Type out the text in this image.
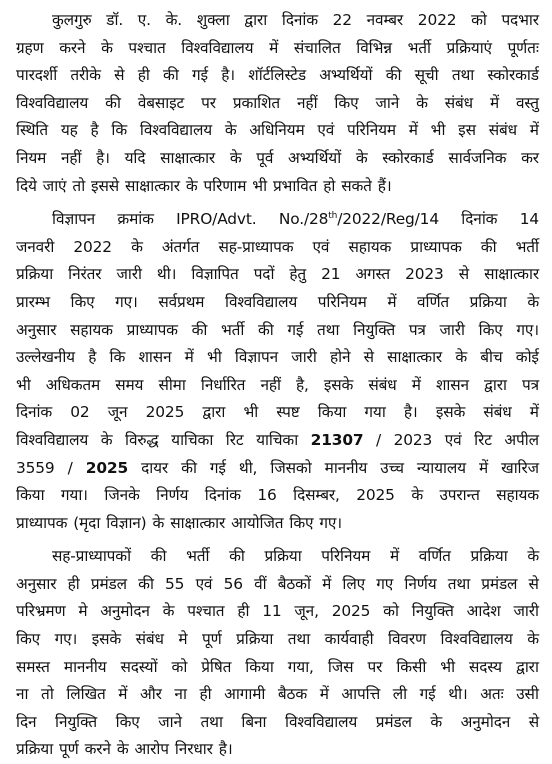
कुलगुरु डॉ. ए. के. शुक्ला द्वारा दिनांक 22 नवम्बर 2022 को पदभार
ग्रहण करने के पश्चात विश्वविद्यालय में संचालित विभिन्न भर्ती प्रक्रियाएं पूर्णतः
पारदर्शी तरीके से ही की गई है। शॉर्टलिस्टेड अभ्यर्थियों की सूची तथा स्कोरकार्ड
विश्वविद्यालय की वेबसाइट पर प्रकाशित नहीं किए जाने के संबंध में वस्तु
स्थिति यह है कि विश्वविद्यालय के अधिनियम एवं परिनियम में भी इस संबंध में
नियम नहीं है। यदि साक्षात्कार के पूर्व अभ्यर्थियों के स्कोरकार्ड सार्वजनिक कर
दिये जाएं तो इससे साक्षात्कार के परिणाम भी प्रभावित हो सकते हैं।
विज्ञापन क्रमांक IPRO/Advt. No./28th/2022/Reg/14 दिनांक 14
जनवरी 2022 के अंतर्गत सह-प्राध्यापक एवं सहायक प्राध्यापक की भर्ती
प्रक्रिया निरंतर जारी थी। विज्ञापित पदों हेतु 21 अगस्त 2023 से साक्षात्कार
प्रारम्भ किए गए। सर्वप्रथम विश्वविद्यालय परिनियम में वर्णित प्रक्रिया के
अनुसार सहायक प्राध्यापक की भर्ती की गई तथा नियुक्ति पत्र जारी किए गए।
उल्लेखनीय है कि शासन में भी विज्ञापन जारी होने से साक्षात्कार के बीच कोई
भी अधिकतम समय सीमा निर्धारित नहीं है, इसके संबंध में शासन द्वारा पत्र
दिनांक 02 जून 2025 द्वारा भी स्पष्ट किया गया है। इसके संबंध में
विश्वविद्यालय के विरुद्ध याचिका रिट याचिका 21307 / 2023 एवं रिट अपील
3559 / 2025 दायर की गई थी, जिसको माननीय उच्च न्यायालय में खारिज
किया गया। जिनके निर्णय दिनांक 16 दिसम्बर, 2025 के उपरान्त सहायक
प्राध्यापक (मृदा विज्ञान) के साक्षात्कार आयोजित किए गए।
सह-प्राध्यापकों की भर्ती की प्रक्रिया परिनियम में वर्णित प्रक्रिया के
अनुसार ही प्रमंडल की 55 एवं 56 वीं बैठकों में लिए गए निर्णय तथा प्रमंडल से
परिभ्रमण मे अनुमोदन के पश्चात ही 11 जून, 2025 को नियुक्ति आदेश जारी
किए गए। इसके संबंध मे पूर्ण प्रक्रिया तथा कार्यवाही विवरण विश्वविद्यालय के
समस्त माननीय सदस्यों को प्रेषित किया गया, जिस पर किसी भी सदस्य द्वारा
ना तो लिखित में और ना ही आगामी बैठक में आपत्ति ली गई थी। अतः उसी
दिन नियुक्ति किए जाने तथा बिना विश्वविद्यालय प्रमंडल के अनुमोदन से
प्रक्रिया पूर्ण करने के आरोप निरधार है।
